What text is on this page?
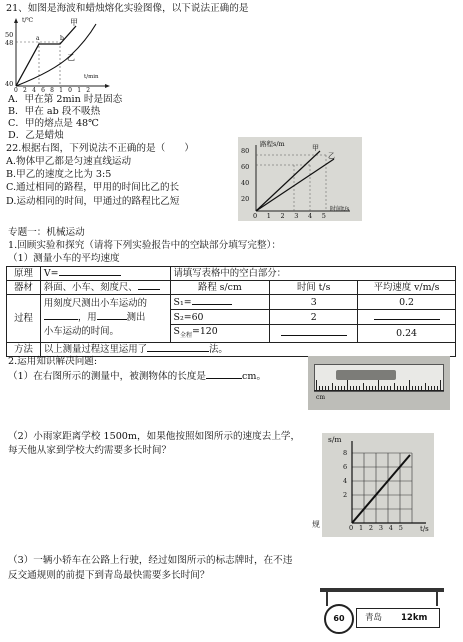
21、如图是海波和蜡烛熔化实验图像，以下说法正确的是
t/℃
50
48
40
甲
乙
a	b
t/min
024681012
A．甲在第 2min 时是固态
B．甲在 ab 段不吸热
C．甲的熔点是 48℃
D．乙是蜡烛
22.根据右图，下列说法不正确的是（　　）
A.物体甲乙都是匀速直线运动
B.甲乙的速度之比为 3:5
C.通过相同的路程，甲用的时间比乙的长
D.运动相同的时间，甲通过的路程比乙短
路程s/m
80
60
40
20
甲
乙
012345
时间t/s
专题一：机械运动
1.回顾实验和探究（请将下列实验报告中的空缺部分填写完整）：
（1）测量小车的平均速度
原理	V=	请填写表格中的空白部分：		
器材	斜面、小车、刻度尺、	路程 s/cm	时间 t/s	平均速度 v/m/s
过程	用刻度尺测出小车运动的
，用 测出
小车运动的时间。	S₁=	3	0.2
		S₂=60	2	
		$S_{全程}=120$		0.24
方法	以上测量过程这里运用了 法。			
2.运用知识解决问题:
（1）在右图所示的测量中，被测物体的长度是	cm。
cm
（2）小雨家距离学校 1500m，如果他按照如图所示的速度去上学，
每天他从家到学校大约需要多长时间？
s/m
8
6
4
2
012345 t/s
规
（3）一辆小轿车在公路上行驶，经过如图所示的标志牌时，在不违
反交通规则的前提下到青岛最快需要多长时间？
60	青岛 12km
